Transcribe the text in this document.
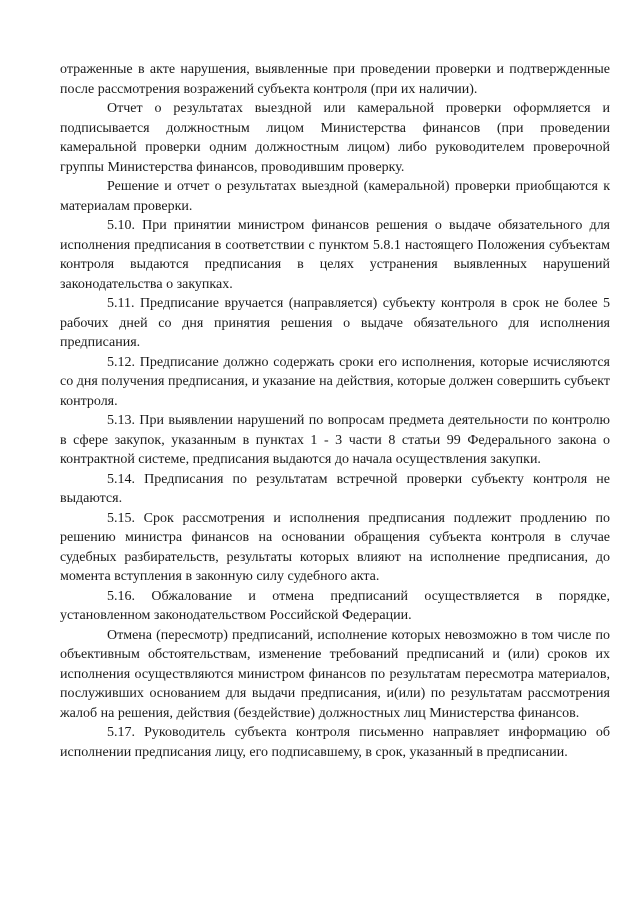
отраженные в акте нарушения, выявленные при проведении проверки и подтвержденные после рассмотрения возражений субъекта контроля (при их наличии).

Отчет о результатах выездной или камеральной проверки оформляется и подписывается должностным лицом Министерства финансов (при проведении камеральной проверки одним должностным лицом) либо руководителем проверочной группы Министерства финансов, проводившим проверку.

Решение и отчет о результатах выездной (камеральной) проверки приобщаются к материалам проверки.

5.10. При принятии министром финансов решения о выдаче обязательного для исполнения предписания в соответствии с пунктом 5.8.1 настоящего Положения субъектам контроля выдаются предписания в целях устранения выявленных нарушений законодательства о закупках.

5.11. Предписание вручается (направляется) субъекту контроля в срок не более 5 рабочих дней со дня принятия решения о выдаче обязательного для исполнения предписания.

5.12. Предписание должно содержать сроки его исполнения, которые исчисляются со дня получения предписания, и указание на действия, которые должен совершить субъект контроля.

5.13. При выявлении нарушений по вопросам предмета деятельности по контролю в сфере закупок, указанным в пунктах 1 - 3 части 8 статьи 99 Федерального закона о контрактной системе, предписания выдаются до начала осуществления закупки.

5.14. Предписания по результатам встречной проверки субъекту контроля не выдаются.

5.15. Срок рассмотрения и исполнения предписания подлежит продлению по решению министра финансов на основании обращения субъекта контроля в случае судебных разбирательств, результаты которых влияют на исполнение предписания, до момента вступления в законную силу судебного акта.

5.16. Обжалование и отмена предписаний осуществляется в порядке, установленном законодательством Российской Федерации.

Отмена (пересмотр) предписаний, исполнение которых невозможно в том числе по объективным обстоятельствам, изменение требований предписаний и (или) сроков их исполнения осуществляются министром финансов по результатам пересмотра материалов, послуживших основанием для выдачи предписания, и(или) по результатам рассмотрения жалоб на решения, действия (бездействие) должностных лиц Министерства финансов.

5.17. Руководитель субъекта контроля письменно направляет информацию об исполнении предписания лицу, его подписавшему, в срок, указанный в предписании.
